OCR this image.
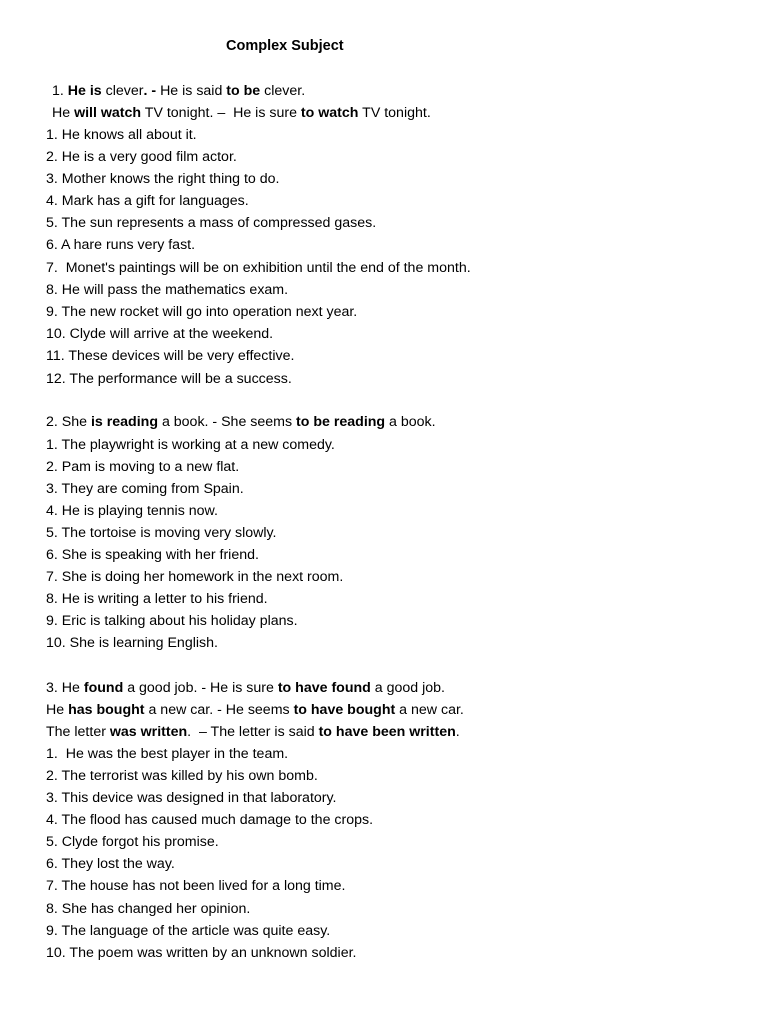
Complex Subject
1. He is clever. - He is said to be clever.
He will watch TV tonight. –  He is sure to watch TV tonight.
1. He knows all about it.
2. He is a very good film actor.
3. Mother knows the right thing to do.
4. Mark has a gift for languages.
5. The sun represents a mass of compressed gases.
6. A hare runs very fast.
7.  Monet's paintings will be on exhibition until the end of the month.
8. He will pass the mathematics exam.
9. The new rocket will go into operation next year.
10. Clyde will arrive at the weekend.
11. These devices will be very effective.
12. The performance will be a success.
2. She is reading a book. - She seems to be reading a book.
1. The playwright is working at a new comedy.
2. Pam is moving to a new flat.
3. They are coming from Spain.
4. He is playing tennis now.
5. The tortoise is moving very slowly.
6. She is speaking with her friend.
7. She is doing her homework in the next room.
8. He is writing a letter to his friend.
9. Eric is talking about his holiday plans.
10. She is learning English.
3. He found a good job. - He is sure to have found a good job.
He has bought a new car. - He seems to have bought a new car.
The letter was written.  – The letter is said to have been written.
1.  He was the best player in the team.
2. The terrorist was killed by his own bomb.
3. This device was designed in that laboratory.
4. The flood has caused much damage to the crops.
5. Clyde forgot his promise.
6. They lost the way.
7. The house has not been lived for a long time.
8. She has changed her opinion.
9. The language of the article was quite easy.
10. The poem was written by an unknown soldier.
